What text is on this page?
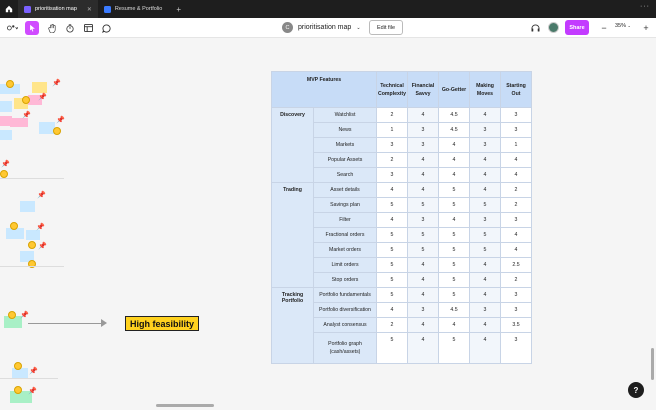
prioritisation map ✕	Resume & Portfolio	+	···
C	prioritisation map ⌄	Edit file	Share	−	35% ⌄	+
📌
📌
📌
📌
📌
📌
📌
📌
📌
High feasibility
📌
📌
MVP Features		Technical Complexity	Financial Savvy	Go-Getter	Making Moves	Starting Out
Discovery	Watchlist	2	4	4.5	4	3
	News	1	3	4.5	3	3
	Markets	3	3	4	3	1
	Popular Assets	2	4	4	4	4
	Search	3	4	4	4	4
Trading	Asset details	4	4	5	4	2
	Savings plan	5	5	5	5	2
	Filter	4	3	4	3	3
	Fractional orders	5	5	5	5	4
	Market orders	5	5	5	5	4
	Limit orders	5	4	5	4	2.5
	Stop orders	5	4	5	4	2
Tracking Portfolio	Portfolio fundamentals	5	4	5	4	3
	Portfolio diversification	4	3	4.5	3	3
	Analyst consensus	2	4	4	4	3.5
	Portfolio graph (cash/assets)	5	4	5	4	3
?
